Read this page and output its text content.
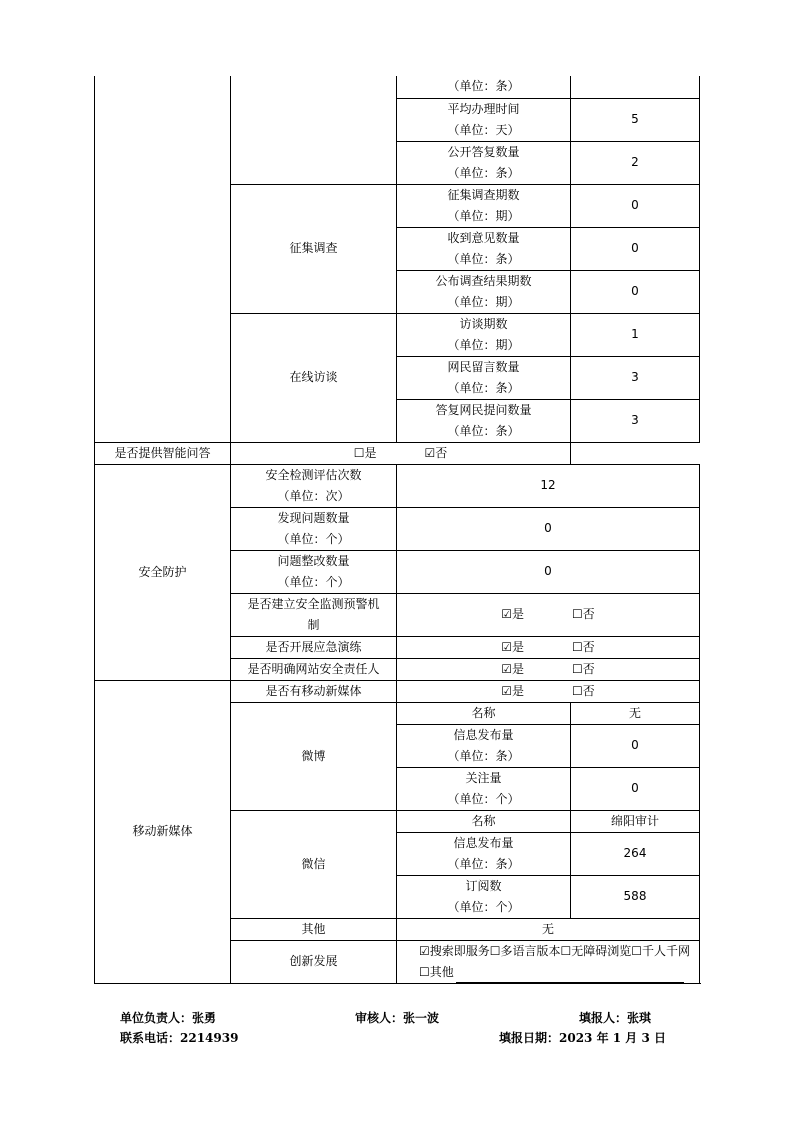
		（单位：条）	

		平均办理时间
（单位：天）	5

		公开答复数量
（单位：条）	2
	征集调查	征集调查期数
（单位：期）	0

		收到意见数量
（单位：条）	0

		公布调查结果期数
（单位：期）	0
	在线访谈	访谈期数
（单位：期）	1

		网民留言数量
（单位：条）	3

		答复网民提问数量
（单位：条）	3
是否提供智能问答	☐是 ☑否		

安全防护	安全检测评估次数
（单位：次）	12	

	发现问题数量
（单位：个）	0	

	问题整改数量
（单位：个）	0	

	是否建立安全监测预警机
制	☑是 ☐否	

	是否开展应急演练	☑是 ☐否	

	是否明确网站安全责任人	☑是 ☐否	

移动新媒体	是否有移动新媒体	☑是 ☐否	

	微博	名称	无

		信息发布量
（单位：条）	0

		关注量
（单位：个）	0
	微信	名称	绵阳审计

		信息发布量
（单位：条）	264

		订阅数
（单位：个）	588
	其他	无	
	创新发展	☑搜索即服务 ☐多语言版本 ☐无障碍浏览 ☐千人千网
☐其他	
单位负责人：张勇	审核人：张一波	填报人：张琪
联系电话：2214939	填报日期：2023 年 1 月 3 日
